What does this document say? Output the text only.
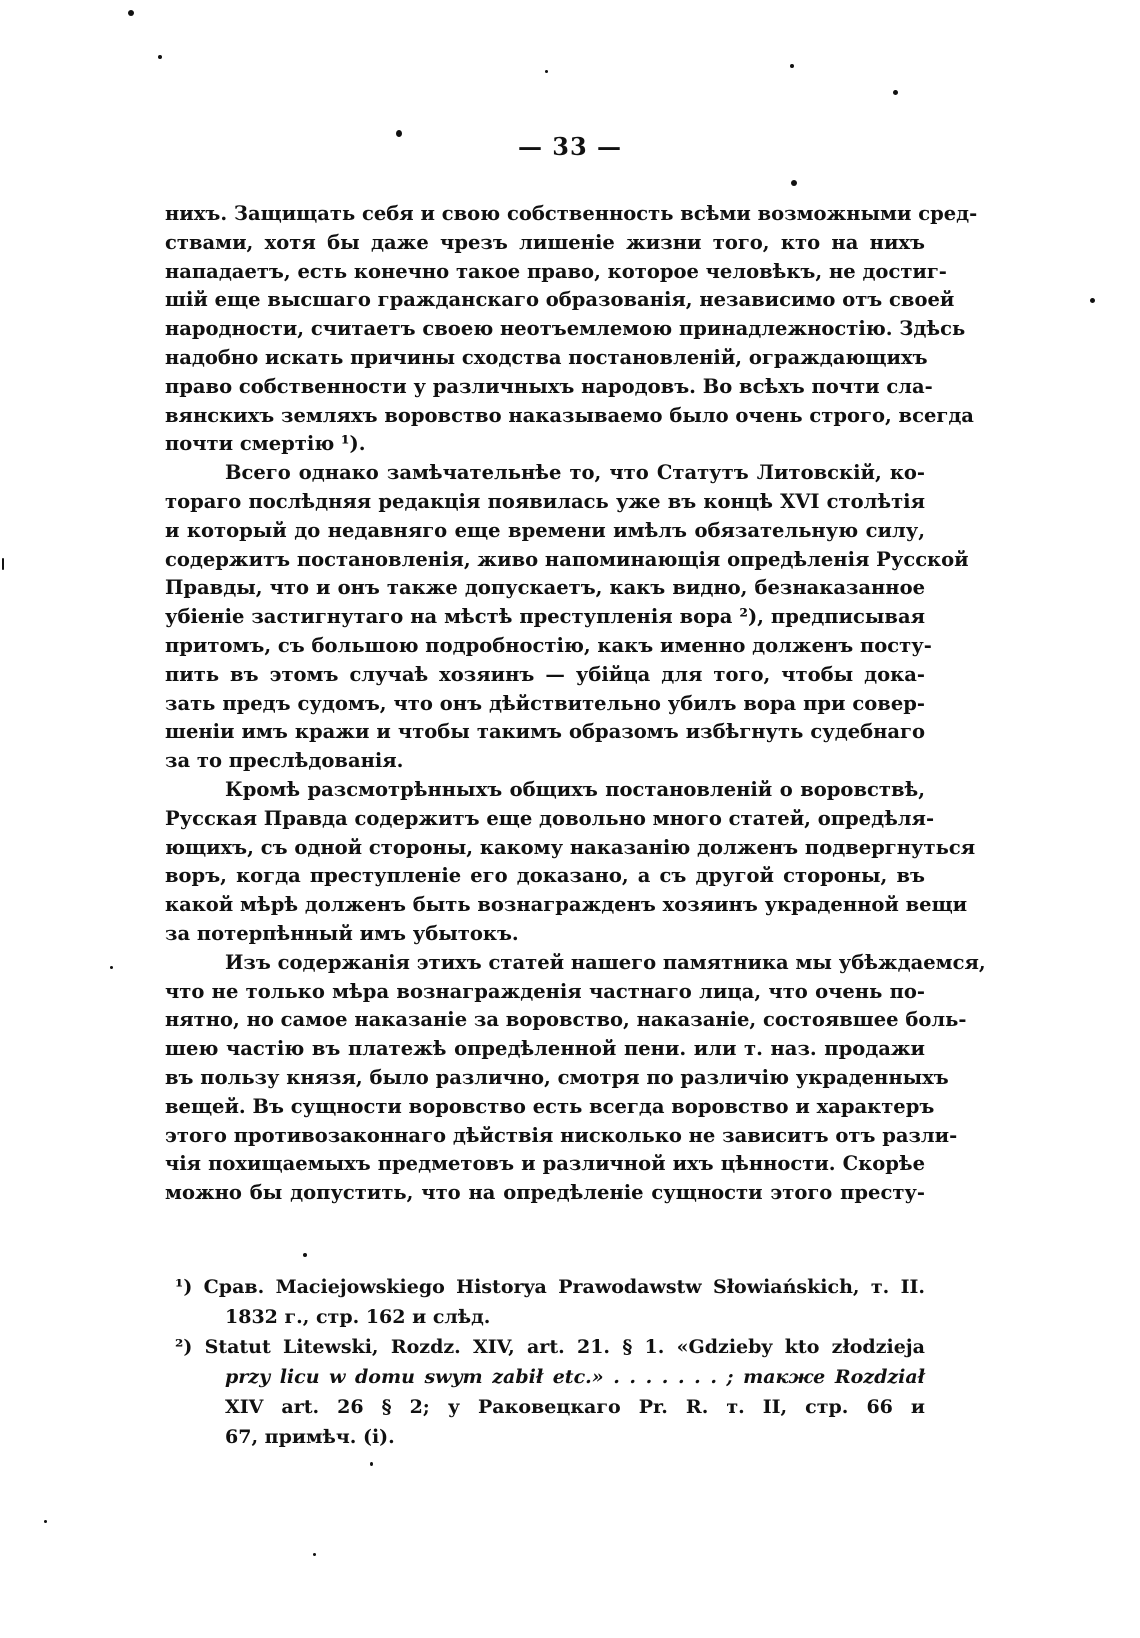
— 33 —
нихъ. Защищать себя и свою собственность всѣми возможными сред-
ствами, хотя бы даже чрезъ лишеніе жизни того, кто на нихъ
нападаетъ, есть конечно такое право, которое человѣкъ, не достиг-
шій еще высшаго гражданскаго образованія, независимо отъ своей
народности, считаетъ своею неотъемлемою принадлежностію. Здѣсь
надобно искать причины сходства постановленій, ограждающихъ
право собственности у различныхъ народовъ. Во всѣхъ почти сла-
вянскихъ земляхъ воровство наказываемо было очень строго, всегда
почти смертію ¹).
Всего однако замѣчательнѣе то, что Статутъ Литовскій, ко-
тораго послѣдняя редакція появилась уже въ концѣ XVI столѣтія
и который до недавняго еще времени имѣлъ обязательную силу,
содержитъ постановленія, живо напоминающія опредѣленія Русской
Правды, что и онъ также допускаетъ, какъ видно, безнаказанное
убіеніе застигнутаго на мѣстѣ преступленія вора ²), предписывая
притомъ, съ большою подробностію, какъ именно долженъ посту-
пить въ этомъ случаѣ хозяинъ — убійца для того, чтобы дока-
зать предъ судомъ, что онъ дѣйствительно убилъ вора при совер-
шеніи имъ кражи и чтобы такимъ образомъ избѣгнуть судебнаго
за то преслѣдованія.
Кромѣ разсмотрѣнныхъ общихъ постановленій о воровствѣ,
Русская Правда содержитъ еще довольно много статей, опредѣля-
ющихъ, съ одной стороны, какому наказанію долженъ подвергнуться
воръ, когда преступленіе его доказано, а съ другой стороны, въ
какой мѣрѣ долженъ быть вознагражденъ хозяинъ украденной вещи
за потерпѣнный имъ убытокъ.
Изъ содержанія этихъ статей нашего памятника мы убѣждаемся,
что не только мѣра вознагражденія частнаго лица, что очень по-
нятно, но самое наказаніе за воровство, наказаніе, состоявшее боль-
шею частію въ платежѣ опредѣленной пени. или т. наз. продажи
въ пользу князя, было различно, смотря по различію украденныхъ
вещей. Въ сущности воровство есть всегда воровство и характеръ
этого противозаконнаго дѣйствія нисколько не зависитъ отъ разли-
чія похищаемыхъ предметовъ и различной ихъ цѣнности. Скорѣе
можно бы допустить, что на опредѣленіе сущности этого престу-
¹) Срав. Maciejowskiego Historya Prawodawstw Słowiańskich, т. II.
1832 г., стр. 162 и слѣд.
²) Statut Litewski, Rozdz. XIV, art. 21. § 1. «Gdzieby kto złodzieja
przy licu w domu swym zabił etc.» . . . . . . . ; также Rozdział
XIV art. 26 § 2; у Раковецкаго Pr. R. т. II, стр. 66 и
67, примѣч. (i).
